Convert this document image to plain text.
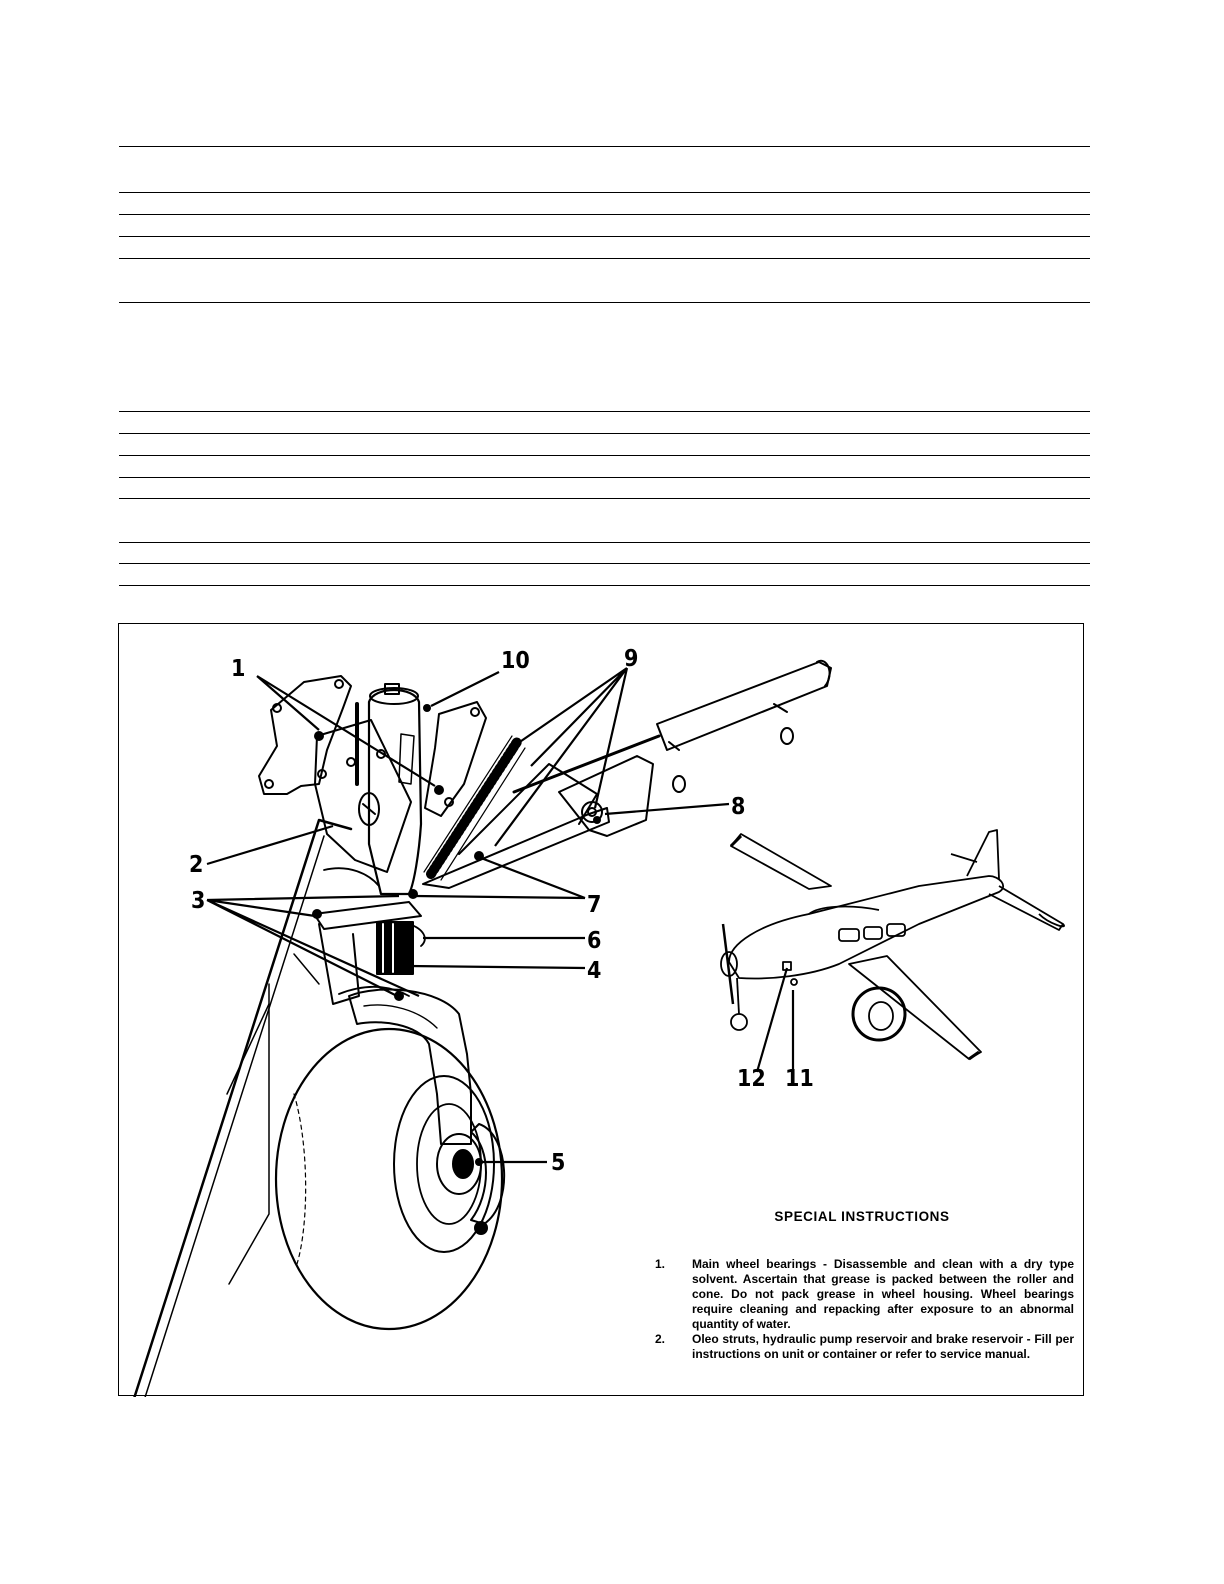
1	10	9
8
2
3	7
6
4
5
12 11
SPECIAL INSTRUCTIONS
1. Main wheel bearings - Disassemble and clean with a dry type solvent. Ascertain that grease is packed between the roller and cone. Do not pack grease in wheel housing. Wheel bearings require cleaning and repacking after exposure to an abnormal quantity of water.
2. Oleo struts, hydraulic pump reservoir and brake reservoir - Fill per instructions on unit or container or refer to service manual.
